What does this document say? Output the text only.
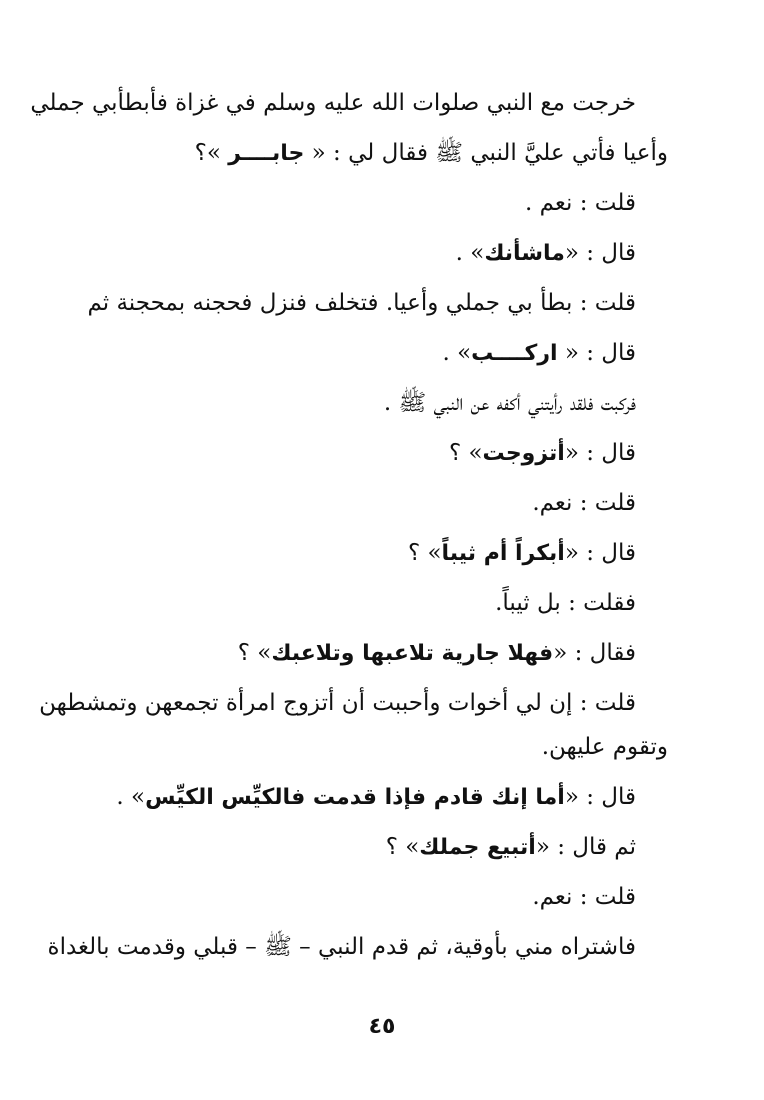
خرجت مع النبي صلوات الله عليه وسلم في غزاة فأبطأبي جملي
وأعيا فأتي عليَّ النبي ﷺ فقال لي : « جابــــر »؟
قلت : نعم .
قال : «ماشأنك» .
قلت : بطأ بي جملي وأعيا. فتخلف فنزل فحجنه بمحجنة ثم
قال : « اركــــب» .
فركبت فلقد رأيتني أكفه عن النبي ﷺ .
قال : «أتزوجت» ؟
قلت : نعم.
قال : «أبكراً أم ثيباً» ؟
فقلت : بل ثيباً.
فقال : «فهلا جارية تلاعبها وتلاعبك» ؟
قلت : إن لي أخوات وأحببت أن أتزوج امرأة تجمعهن وتمشطهن
وتقوم عليهن.
قال : «أما إنك قادم فإذا قدمت فالكيِّس الكيِّس» .
ثم قال : «أتبيع جملك» ؟
قلت : نعم.
فاشتراه مني بأوقية، ثم قدم النبي – ﷺ – قبلي وقدمت بالغداة
٤٥
